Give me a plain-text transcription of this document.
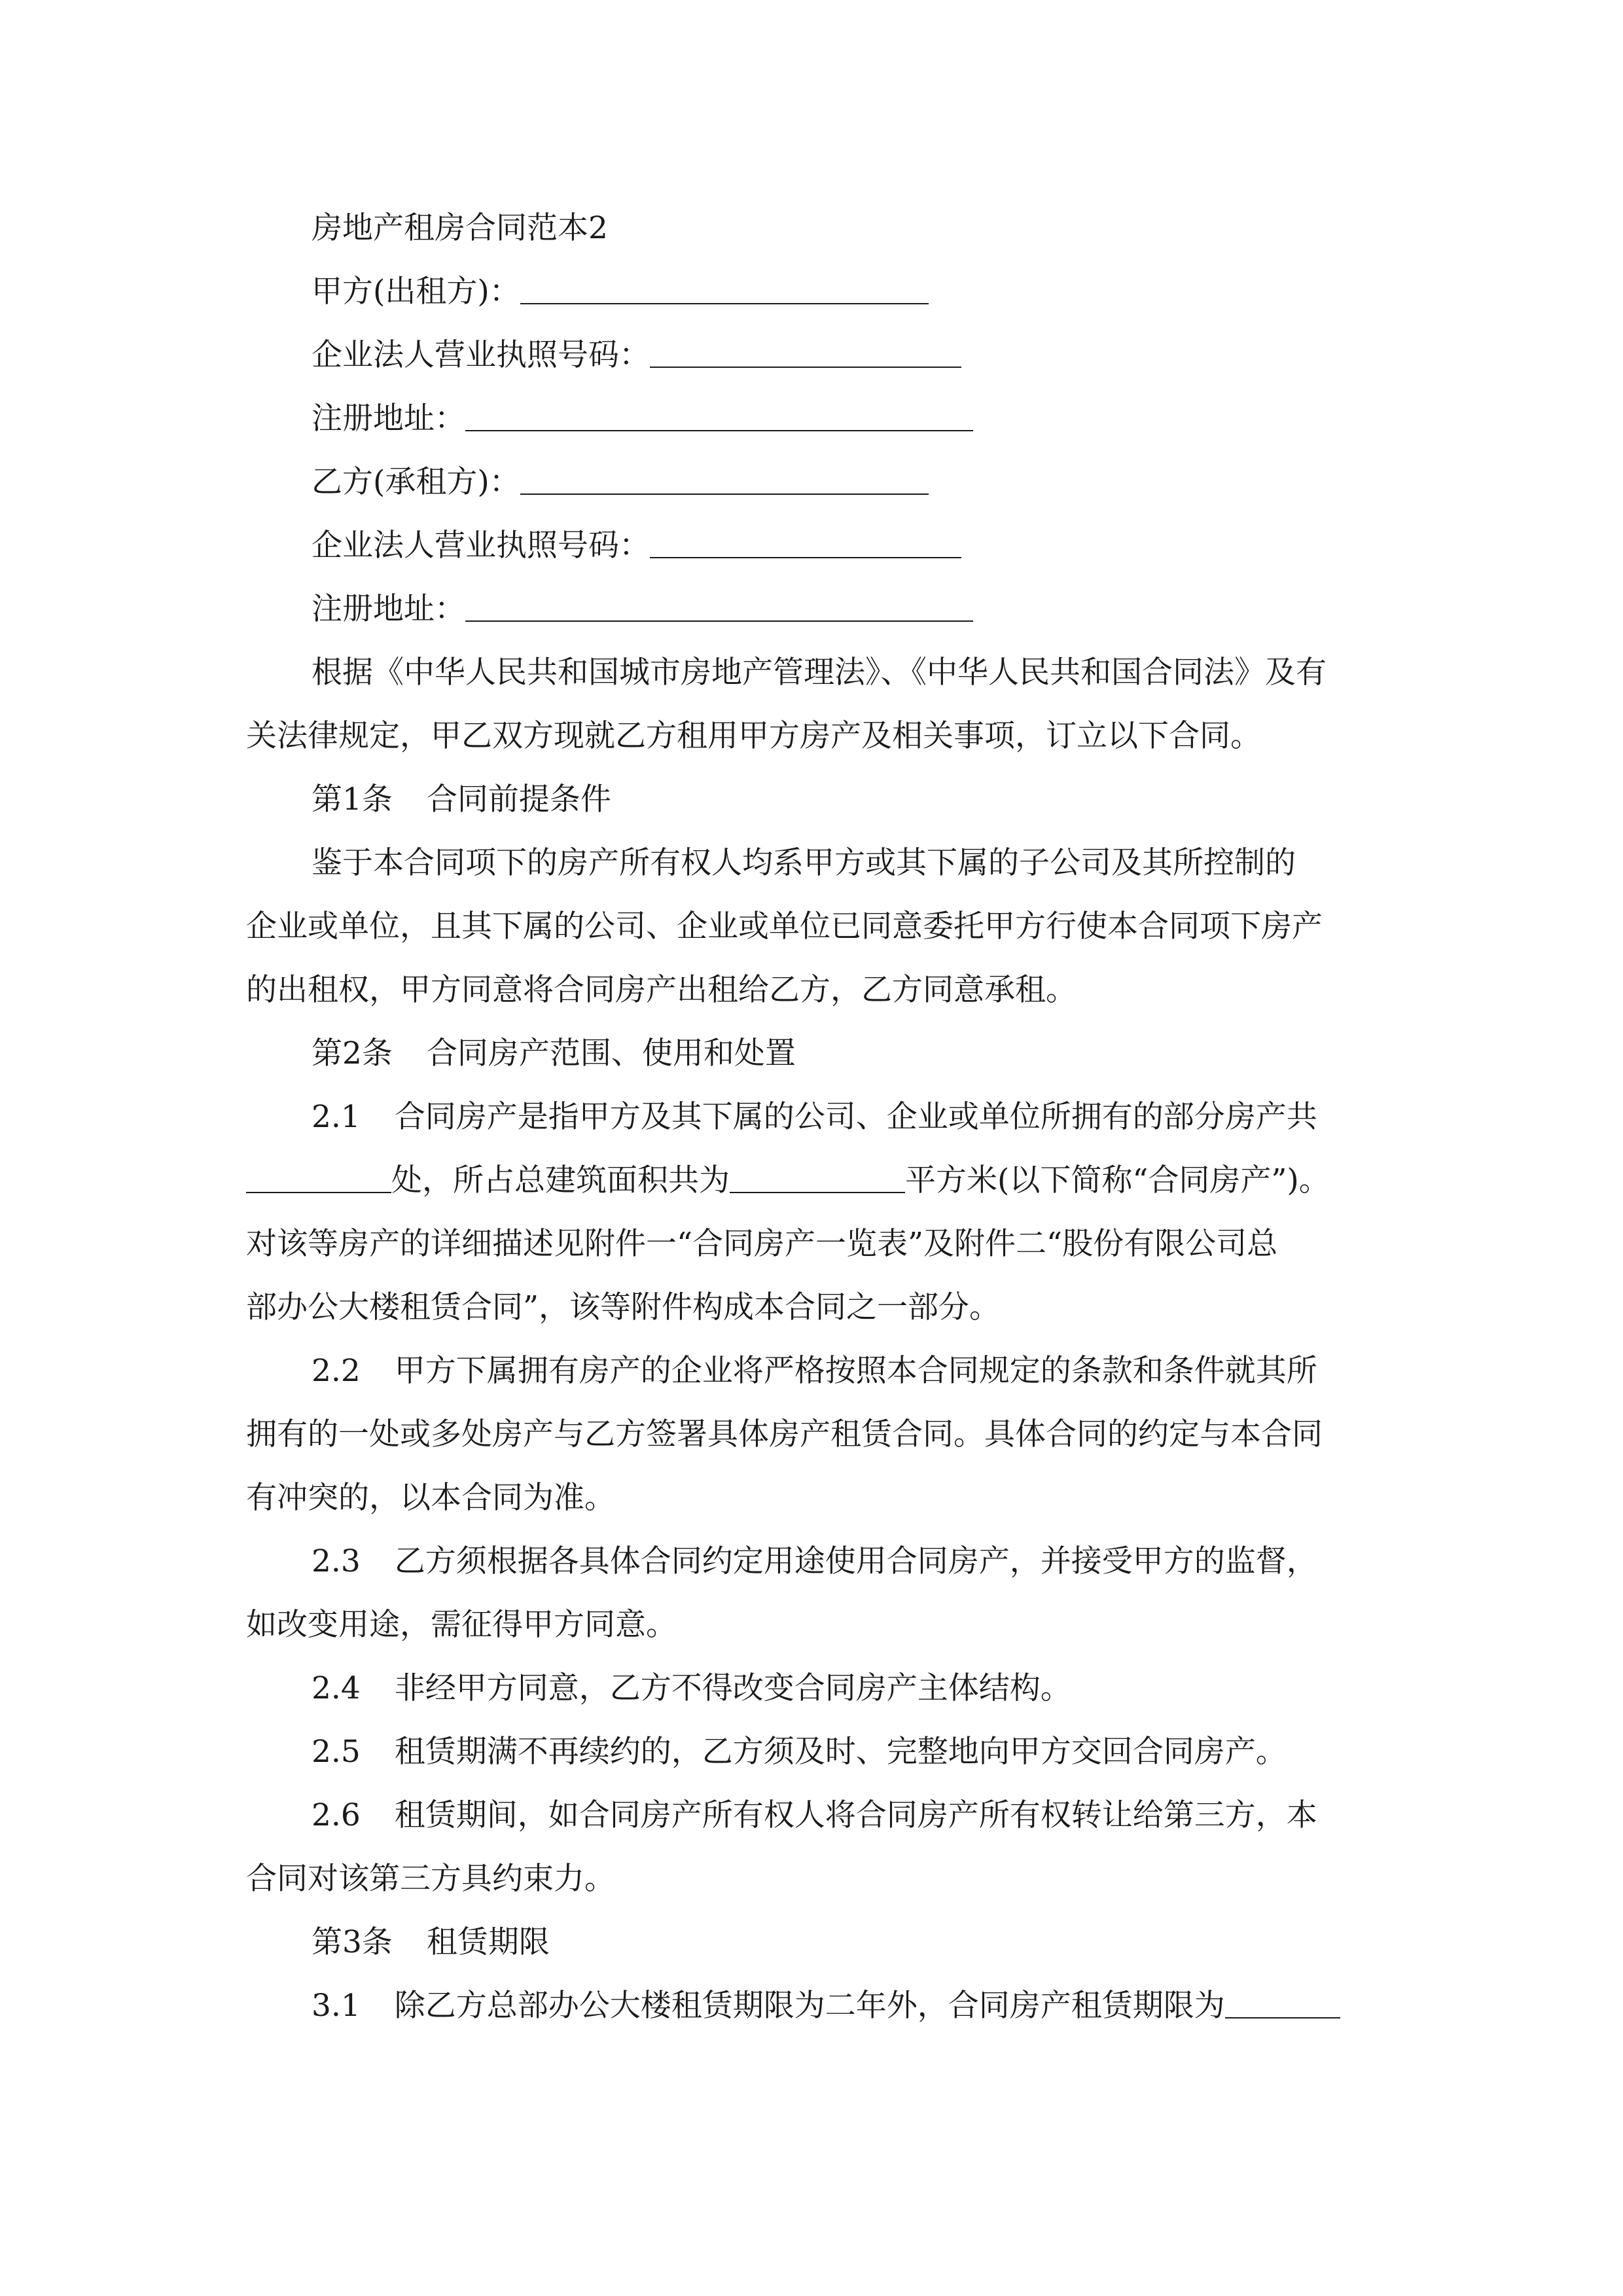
房地产租房合同范本2
甲方(出租方)：
企业法人营业执照号码：
注册地址：
乙方(承租方)：
企业法人营业执照号码：
注册地址：
根据《中华人民共和国城市房地产管理法》、《中华人民共和国合同法》及有
关法律规定，甲乙双方现就乙方租用甲方房产及相关事项，订立以下合同。
第1条 合同前提条件
鉴于本合同项下的房产所有权人均系甲方或其下属的子公司及其所控制的
企业或单位，且其下属的公司、企业或单位已同意委托甲方行使本合同项下房产
的出租权，甲方同意将合同房产出租给乙方，乙方同意承租。
第2条 合同房产范围、使用和处置
2.1 合同房产是指甲方及其下属的公司、企业或单位所拥有的部分房产共
处，所占总建筑面积共为	平方米(以下简称“合同房产”)。
对该等房产的详细描述见附件一“合同房产一览表”及附件二“股份有限公司总
部办公大楼租赁合同”，该等附件构成本合同之一部分。
2.2 甲方下属拥有房产的企业将严格按照本合同规定的条款和条件就其所
拥有的一处或多处房产与乙方签署具体房产租赁合同。具体合同的约定与本合同
有冲突的，以本合同为准。
2.3 乙方须根据各具体合同约定用途使用合同房产，并接受甲方的监督，
如改变用途，需征得甲方同意。
2.4 非经甲方同意，乙方不得改变合同房产主体结构。
2.5 租赁期满不再续约的，乙方须及时、完整地向甲方交回合同房产。
2.6 租赁期间，如合同房产所有权人将合同房产所有权转让给第三方，本
合同对该第三方具约束力。
第3条 租赁期限
3.1 除乙方总部办公大楼租赁期限为二年外，合同房产租赁期限为
